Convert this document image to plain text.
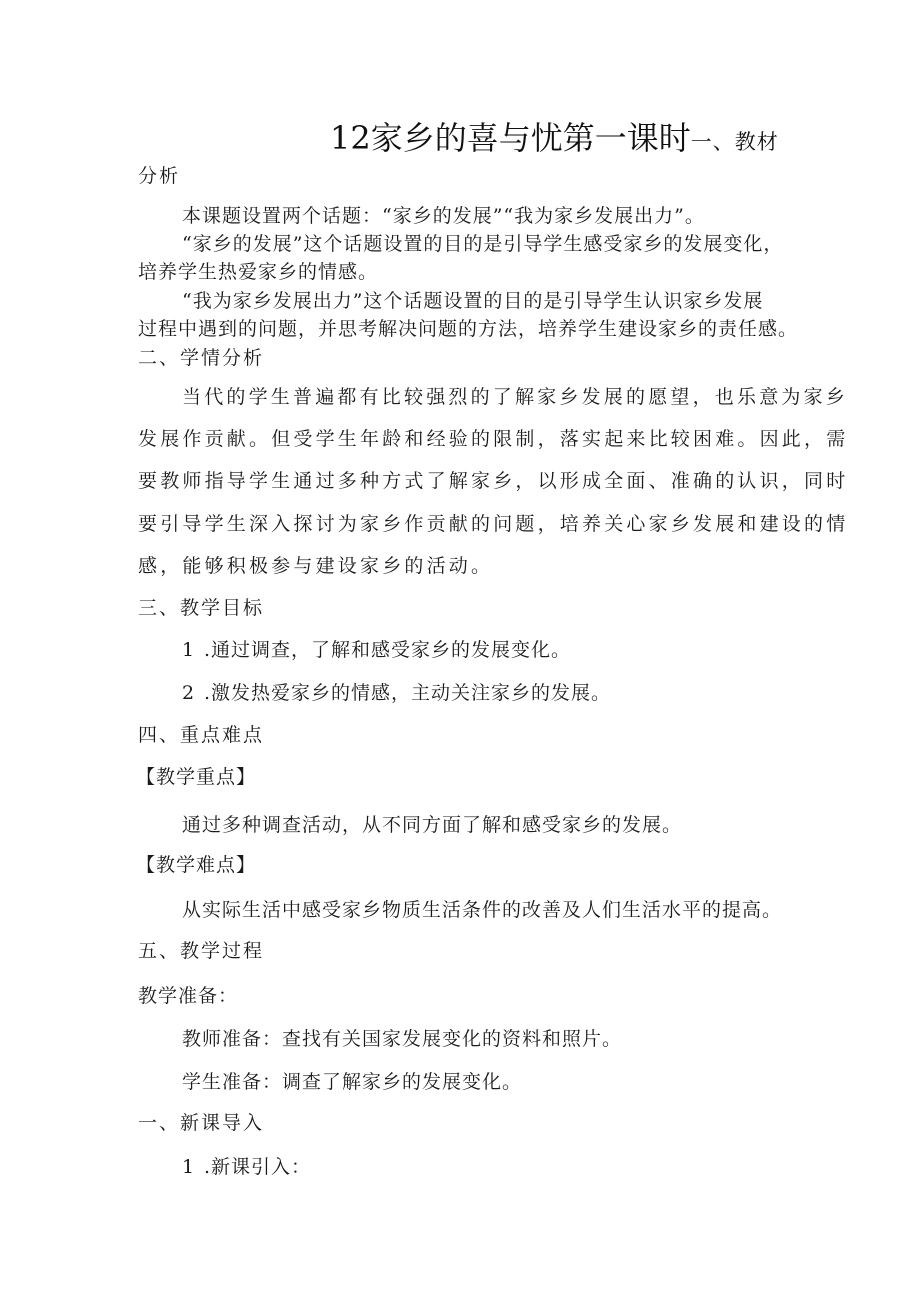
12家乡的喜与忧第一课时一、教材
分析
本课题设置两个话题：“家乡的发展”“我为家乡发展出力”。
“家乡的发展”这个话题设置的目的是引导学生感受家乡的发展变化，
培养学生热爱家乡的情感。
“我为家乡发展出力”这个话题设置的目的是引导学生认识家乡发展
过程中遇到的问题，并思考解决问题的方法，培养学生建设家乡的责任感。
二、学情分析
当代的学生普遍都有比较强烈的了解家乡发展的愿望，也乐意为家乡
发展作贡献。但受学生年龄和经验的限制，落实起来比较困难。因此，需
要教师指导学生通过多种方式了解家乡，以形成全面、准确的认识，同时
要引导学生深入探讨为家乡作贡献的问题，培养关心家乡发展和建设的情
感，能够积极参与建设家乡的活动。
三、教学目标
1 .通过调查，了解和感受家乡的发展变化。
2 .激发热爱家乡的情感，主动关注家乡的发展。
四、重点难点
【教学重点】
通过多种调查活动，从不同方面了解和感受家乡的发展。
【教学难点】
从实际生活中感受家乡物质生活条件的改善及人们生活水平的提高。
五、教学过程
教学准备：
教师准备：查找有关国家发展变化的资料和照片。
学生准备：调查了解家乡的发展变化。
一、新课导入
1 .新课引入：
